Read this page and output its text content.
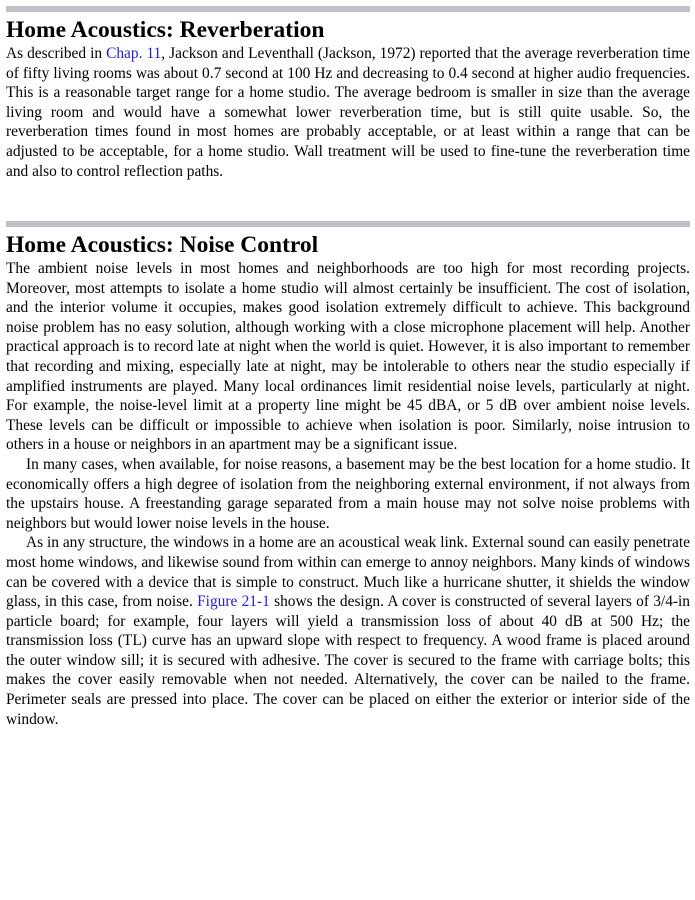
Home Acoustics: Reverberation

As described in Chap. 11, Jackson and Leventhall (Jackson, 1972) reported that the average reverberation time of fifty living rooms was about 0.7 second at 100 Hz and decreasing to 0.4 second at higher audio frequencies. This is a reasonable target range for a home studio. The average bedroom is smaller in size than the average living room and would have a somewhat lower reverberation time, but is still quite usable. So, the reverberation times found in most homes are probably acceptable, or at least within a range that can be adjusted to be acceptable, for a home studio. Wall treatment will be used to fine-tune the reverberation time and also to control reflection paths.

Home Acoustics: Noise Control

The ambient noise levels in most homes and neighborhoods are too high for most recording projects. Moreover, most attempts to isolate a home studio will almost certainly be insufficient. The cost of isolation, and the interior volume it occupies, makes good isolation extremely difficult to achieve. This background noise problem has no easy solution, although working with a close microphone placement will help. Another practical approach is to record late at night when the world is quiet. However, it is also important to remember that recording and mixing, especially late at night, may be intolerable to others near the studio especially if amplified instruments are played. Many local ordinances limit residential noise levels, particularly at night. For example, the noise-level limit at a property line might be 45 dBA, or 5 dB over ambient noise levels. These levels can be difficult or impossible to achieve when isolation is poor. Similarly, noise intrusion to others in a house or neighbors in an apartment may be a significant issue.

In many cases, when available, for noise reasons, a basement may be the best location for a home studio. It economically offers a high degree of isolation from the neighboring external environment, if not always from the upstairs house. A freestanding garage separated from a main house may not solve noise problems with neighbors but would lower noise levels in the house.

As in any structure, the windows in a home are an acoustical weak link. External sound can easily penetrate most home windows, and likewise sound from within can emerge to annoy neighbors. Many kinds of windows can be covered with a device that is simple to construct. Much like a hurricane shutter, it shields the window glass, in this case, from noise. Figure 21-1 shows the design. A cover is constructed of several layers of 3/4-in particle board; for example, four layers will yield a transmission loss of about 40 dB at 500 Hz; the transmission loss (TL) curve has an upward slope with respect to frequency. A wood frame is placed around the outer window sill; it is secured with adhesive. The cover is secured to the frame with carriage bolts; this makes the cover easily removable when not needed. Alternatively, the cover can be nailed to the frame. Perimeter seals are pressed into place. The cover can be placed on either the exterior or interior side of the window.
